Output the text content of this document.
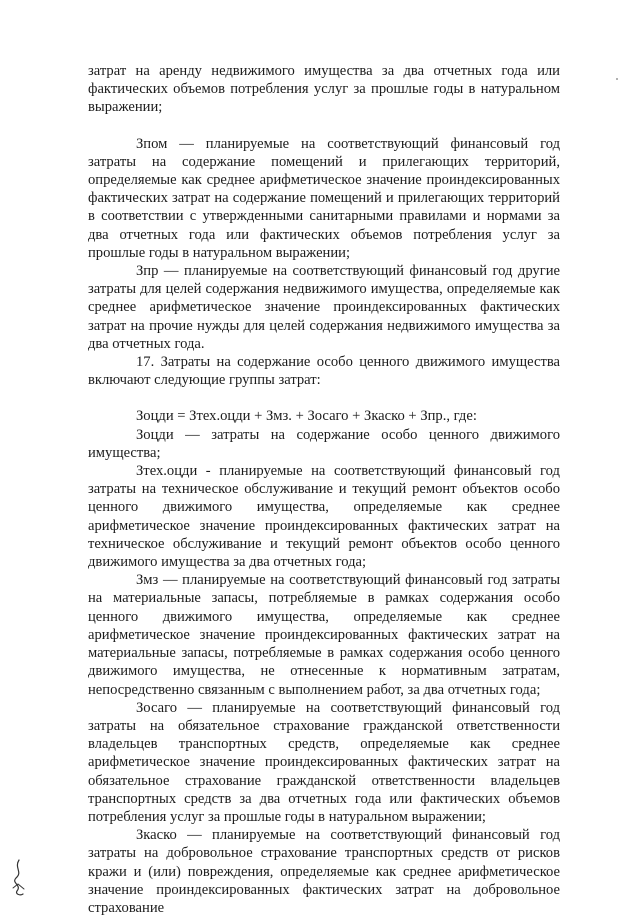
затрат на аренду недвижимого имущества за два отчетных года или фактических объемов потребления услуг за прошлые годы в натуральном выражении;

Зпом — планируемые на соответствующий финансовый год затраты на содержание помещений и прилегающих территорий, определяемые как среднее арифметическое значение проиндексированных фактических затрат на содержание помещений и прилегающих территорий в соответствии с утвержденными санитарными правилами и нормами за два отчетных года или фактических объемов потребления услуг за прошлые годы в натуральном выражении;

Зпр — планируемые на соответствующий финансовый год другие затраты для целей содержания недвижимого имущества, определяемые как среднее арифметическое значение проиндексированных фактических затрат на прочие нужды для целей содержания недвижимого имущества за два отчетных года.

17. Затраты на содержание особо ценного движимого имущества включают следующие группы затрат:

Зоцди = Зтех.оцди + Змз. + Зосаго + Зкаско + Зпр., где:

Зоцди — затраты на содержание особо ценного движимого имущества;

Зтех.оцди - планируемые на соответствующий финансовый год затраты на техническое обслуживание и текущий ремонт объектов особо ценного движимого имущества, определяемые как среднее арифметическое значение проиндексированных фактических затрат на техническое обслуживание и текущий ремонт объектов особо ценного движимого имущества за два отчетных года;

Змз — планируемые на соответствующий финансовый год затраты на материальные запасы, потребляемые в рамках содержания особо ценного движимого имущества, определяемые как среднее арифметическое значение проиндексированных фактических затрат на материальные запасы, потребляемые в рамках содержания особо ценного движимого имущества, не отнесенные к нормативным затратам, непосредственно связанным с выполнением работ, за два отчетных года;

Зосаго — планируемые на соответствующий финансовый год затраты на обязательное страхование гражданской ответственности владельцев транспортных средств, определяемые как среднее арифметическое значение проиндексированных фактических затрат на обязательное страхование гражданской ответственности владельцев транспортных средств за два отчетных года или фактических объемов потребления услуг за прошлые годы в натуральном выражении;

Зкаско — планируемые на соответствующий финансовый год затраты на добровольное страхование транспортных средств от рисков кражи и (или) повреждения, определяемые как среднее арифметическое значение проиндексированных фактических затрат на добровольное страхование
